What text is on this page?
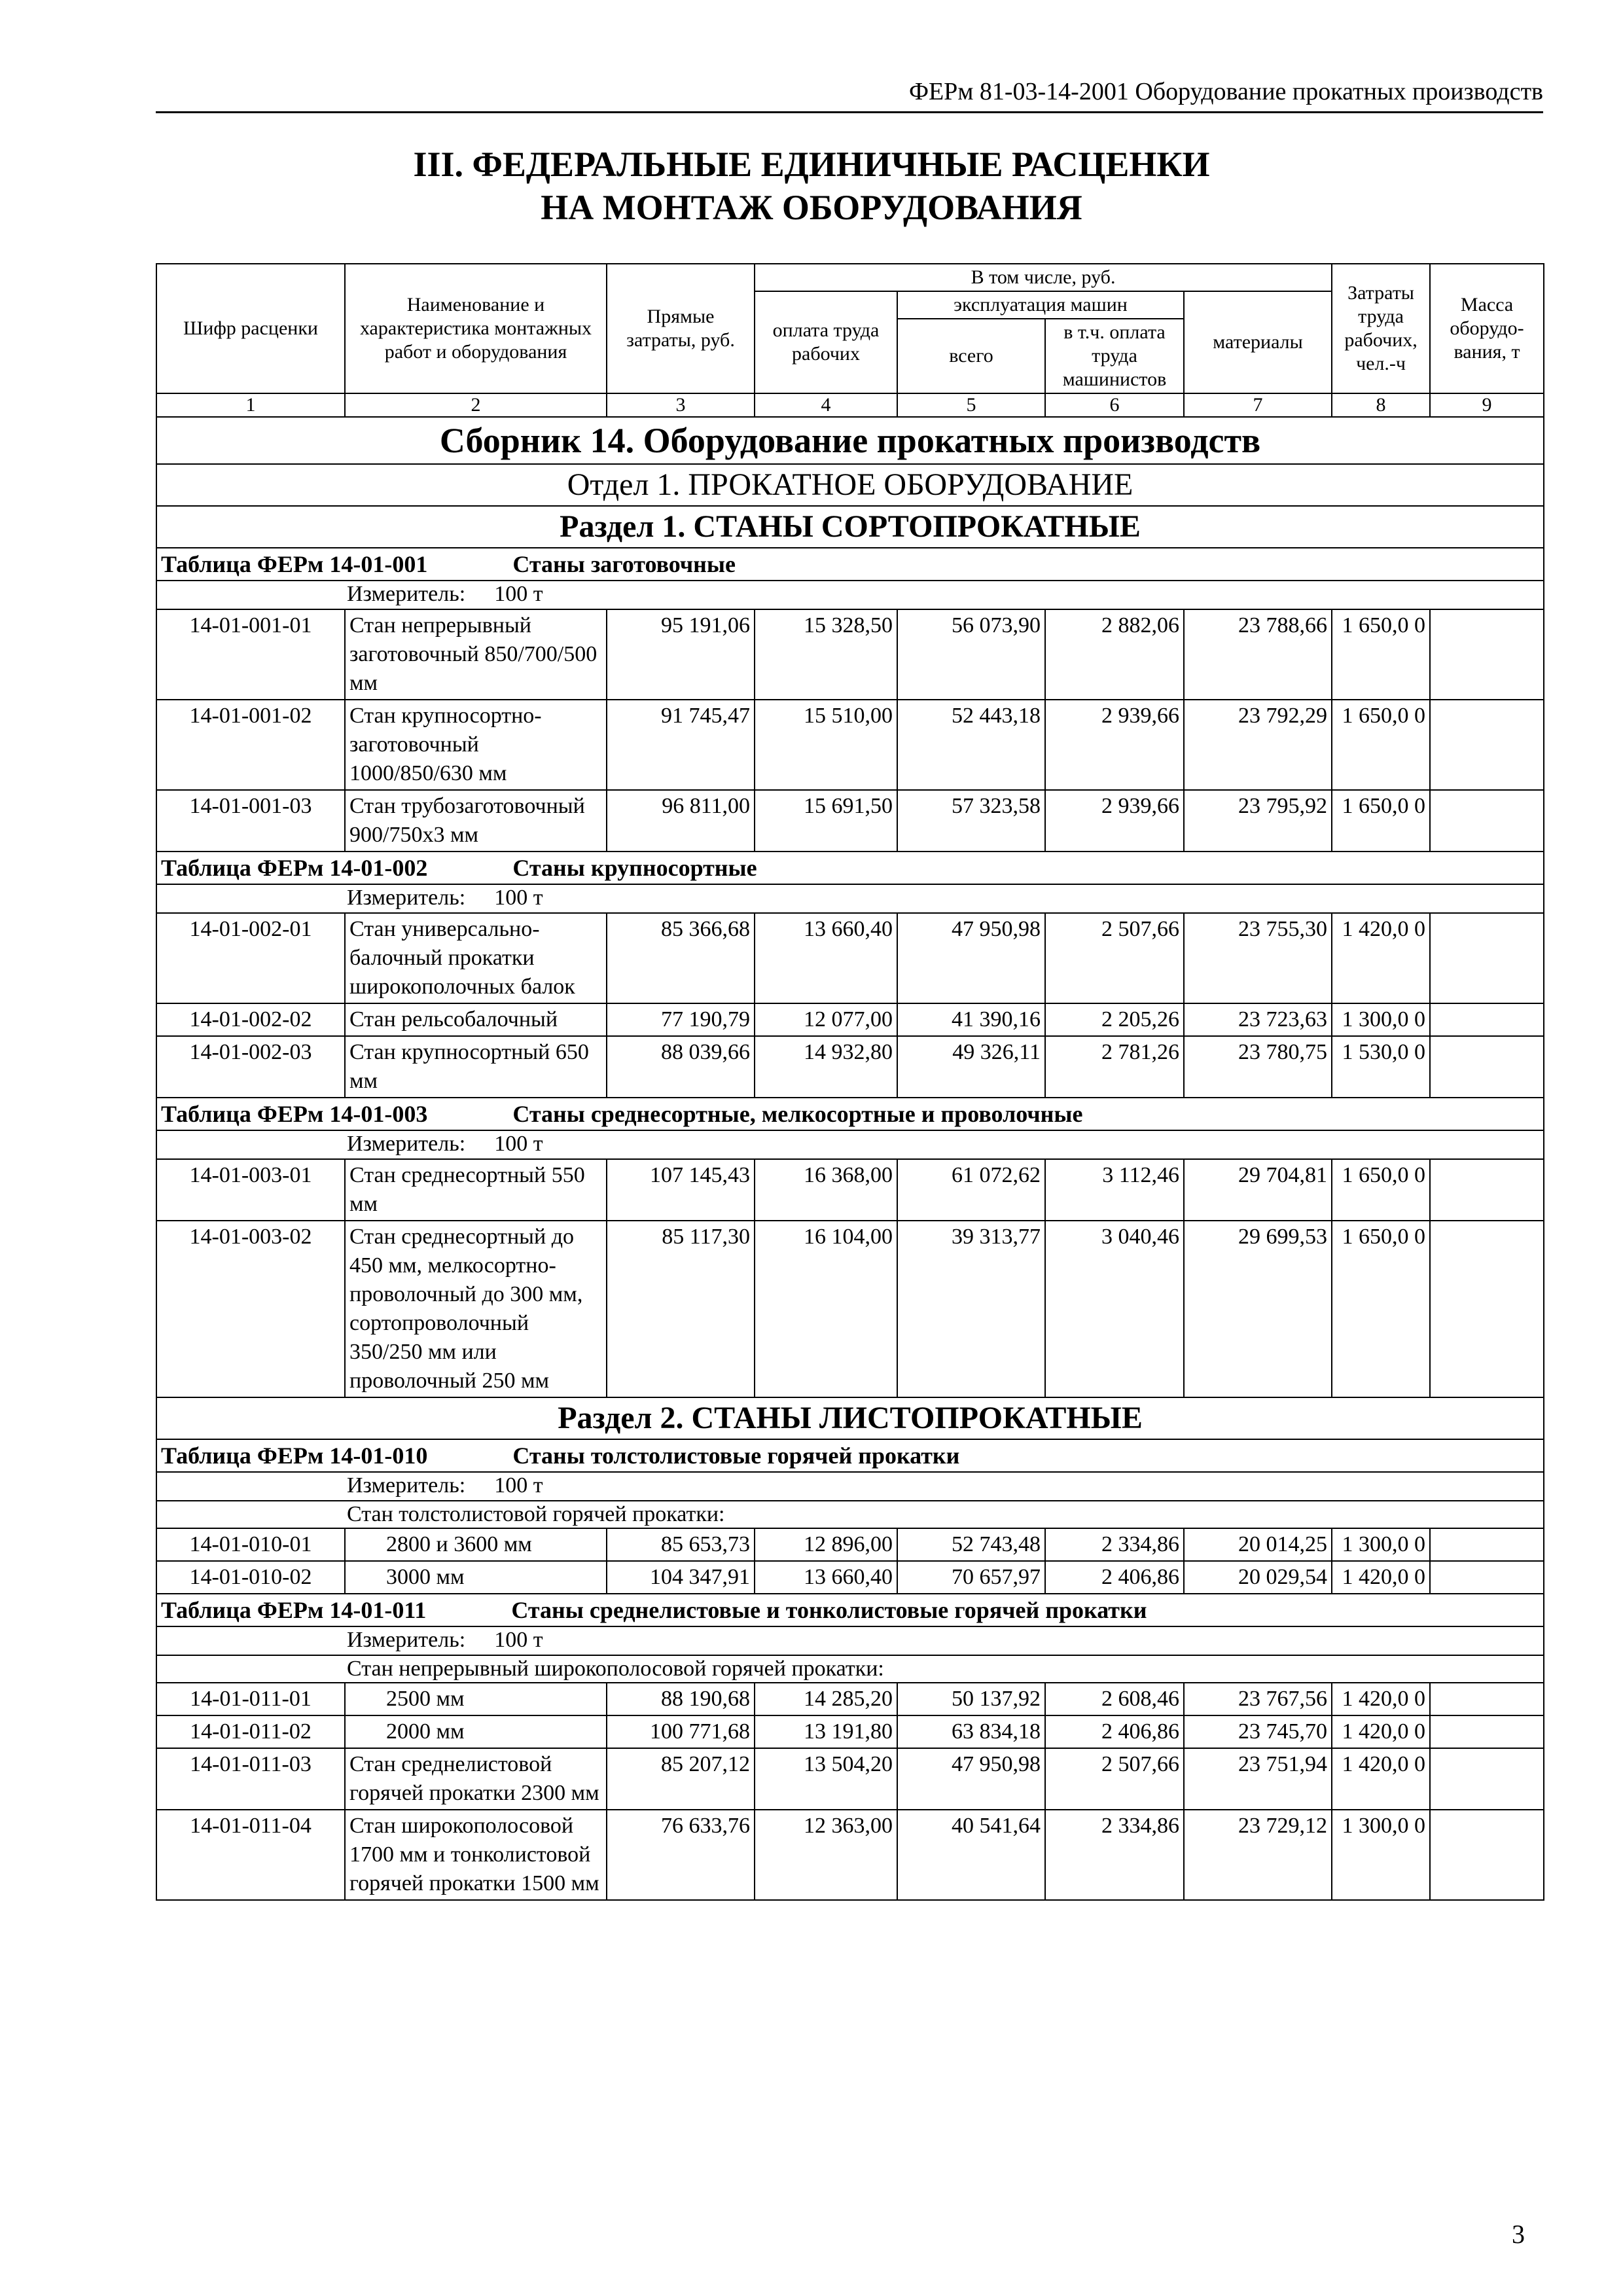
ФЕРм 81-03-14-2001 Оборудование прокатных производств
III. ФЕДЕРАЛЬНЫЕ ЕДИНИЧНЫЕ РАСЦЕНКИ
НА МОНТАЖ ОБОРУДОВАНИЯ
Шифр расценки	Наименование и характеристика монтажных работ и оборудования	Прямые затраты, руб.	В том числе, руб.				Затраты труда рабочих, чел.-ч	Масса оборудо-вания, т
			оплата труда рабочих	эксплуатация машин		материалы		
				всего	в т.ч. оплата труда машинистов			
1	2	3	4	5	6	7	8	9
Сборник 14. Оборудование прокатных производств								
Отдел 1. ПРОКАТНОЕ ОБОРУДОВАНИЕ								
Раздел 1. СТАНЫ СОРТОПРОКАТНЫЕ								
Таблица ФЕРм 14-01-001 Станы заготовочные								
Измеритель: 100 т								
14-01-001-01	Стан непрерывный заготовочный 850/700/500 мм	95 191,06	15 328,50	56 073,90	2 882,06	23 788,66	1 650,0 0	
14-01-001-02	Стан крупносортно-заготовочный 1000/850/630 мм	91 745,47	15 510,00	52 443,18	2 939,66	23 792,29	1 650,0 0	
14-01-001-03	Стан трубозаготовочный 900/750х3 мм	96 811,00	15 691,50	57 323,58	2 939,66	23 795,92	1 650,0 0	
Таблица ФЕРм 14-01-002 Станы крупносортные								
Измеритель: 100 т								
14-01-002-01	Стан универсально-балочный прокатки широкополочных балок	85 366,68	13 660,40	47 950,98	2 507,66	23 755,30	1 420,0 0	
14-01-002-02	Стан рельсобалочный	77 190,79	12 077,00	41 390,16	2 205,26	23 723,63	1 300,0 0	
14-01-002-03	Стан крупносортный 650 мм	88 039,66	14 932,80	49 326,11	2 781,26	23 780,75	1 530,0 0	
Таблица ФЕРм 14-01-003 Станы среднесортные, мелкосортные и проволочные								
Измеритель: 100 т								
14-01-003-01	Стан среднесортный 550 мм	107 145,43	16 368,00	61 072,62	3 112,46	29 704,81	1 650,0 0	
14-01-003-02	Стан среднесортный до 450 мм, мелкосортно-проволочный до 300 мм, сортопроволочный 350/250 мм или проволочный 250 мм	85 117,30	16 104,00	39 313,77	3 040,46	29 699,53	1 650,0 0	
Раздел 2. СТАНЫ ЛИСТОПРОКАТНЫЕ								
Таблица ФЕРм 14-01-010 Станы толстолистовые горячей прокатки								
Измеритель: 100 т								
Стан толстолистовой горячей прокатки:								
14-01-010-01	2800 и 3600 мм	85 653,73	12 896,00	52 743,48	2 334,86	20 014,25	1 300,0 0	
14-01-010-02	3000 мм	104 347,91	13 660,40	70 657,97	2 406,86	20 029,54	1 420,0 0	
Таблица ФЕРм 14-01-011 Станы среднелистовые и тонколистовые горячей прокатки								
Измеритель: 100 т								
Стан непрерывный широкополосовой горячей прокатки:								
14-01-011-01	2500 мм	88 190,68	14 285,20	50 137,92	2 608,46	23 767,56	1 420,0 0	
14-01-011-02	2000 мм	100 771,68	13 191,80	63 834,18	2 406,86	23 745,70	1 420,0 0	
14-01-011-03	Стан среднелистовой горячей прокатки 2300 мм	85 207,12	13 504,20	47 950,98	2 507,66	23 751,94	1 420,0 0	
14-01-011-04	Стан широкополосовой 1700 мм и тонколистовой горячей прокатки 1500 мм	76 633,76	12 363,00	40 541,64	2 334,86	23 729,12	1 300,0 0	
3
